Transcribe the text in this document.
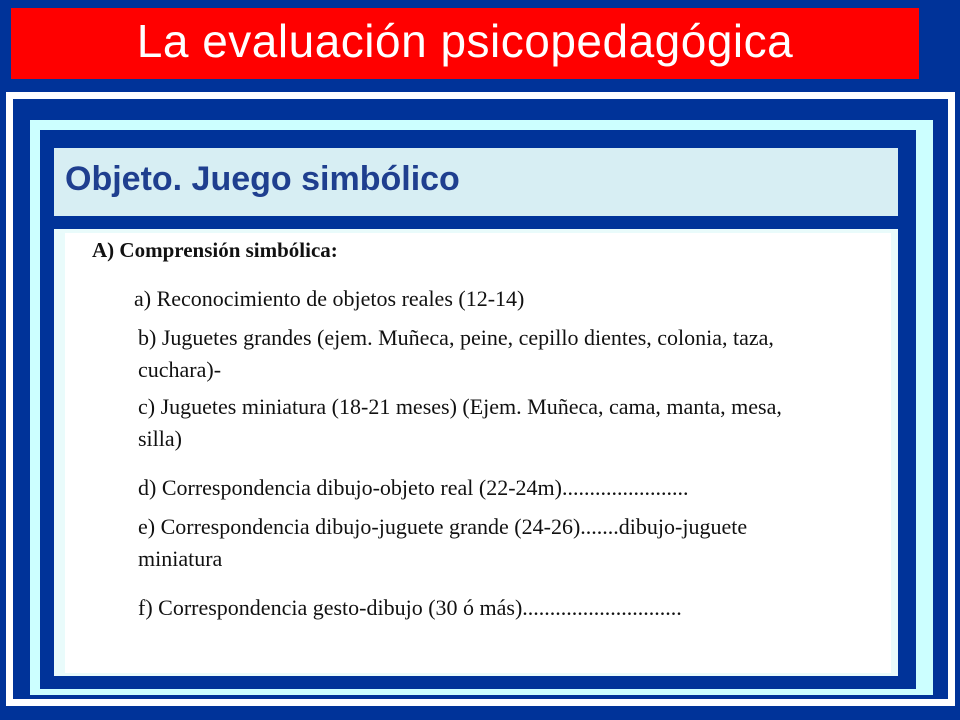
La evaluación psicopedagógica
Objeto. Juego simbólico
A) Comprensión simbólica:
a) Reconocimiento de objetos reales (12-14)
b) Juguetes grandes (ejem. Muñeca, peine, cepillo dientes, colonia, taza, cuchara)-
c) Juguetes miniatura (18-21 meses) (Ejem. Muñeca, cama, manta, mesa, silla)
d) Correspondencia dibujo-objeto real (22-24m).......................
e) Correspondencia dibujo-juguete grande (24-26).......dibujo-juguete miniatura
f) Correspondencia gesto-dibujo (30 ó más).............................
